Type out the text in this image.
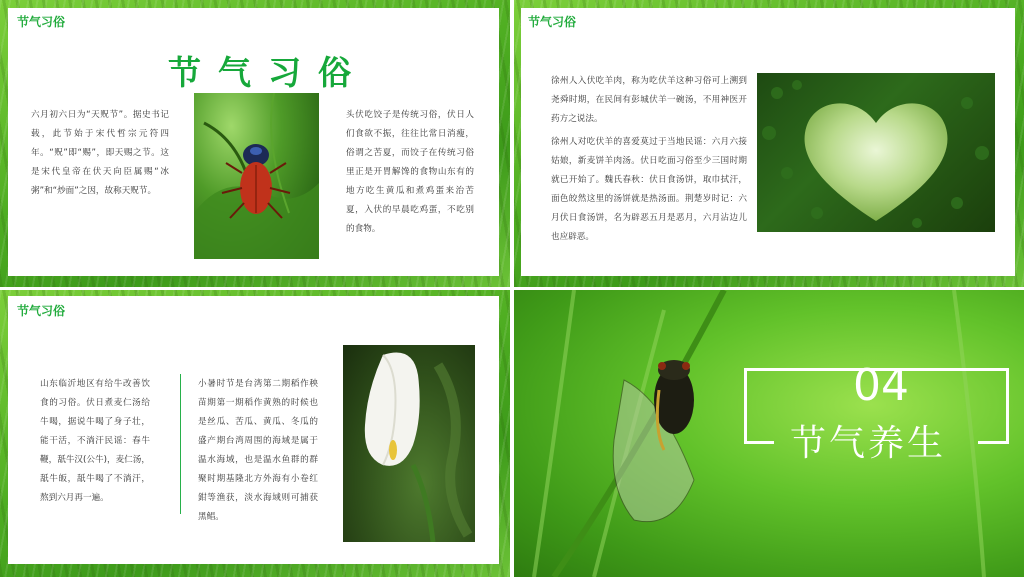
节气习俗
节气习俗
六月初六日为“天贶节”。据史书记载，此节始于宋代哲宗元符四年。“贶”即“赐”，即天赐之节。这是宋代皇帝在伏天向臣属赐“冰粥”和“炒面”之因，故称天贶节。
头伏吃饺子是传统习俗，伏日人们食欲不振，往往比常日消瘦，俗谓之苦夏，而饺子在传统习俗里正是开胃解馋的食物山东有的地方吃生黄瓜和煮鸡蛋来治苦夏，入伏的早晨吃鸡蛋，不吃别的食物。
节气习俗
徐州人入伏吃羊肉，称为吃伏羊这种习俗可上溯到尧舜时期，在民间有彭城伏羊一碗汤，不用神医开药方之说法。
徐州人对吃伏羊的喜爱莫过于当地民谣：六月六接姑娘，新麦饼羊肉汤。伏日吃面习俗至少三国时期就已开始了。魏氏春秋：伏日食汤饼，取巾拭汗，面色皎然这里的汤饼就是热汤面。荆楚岁时记：六月伏日食汤饼，名为辟恶五月是恶月，六月沾边儿也应辟恶。
节气习俗
山东临沂地区有给牛改善饮食的习俗。伏日煮麦仁汤给牛喝，据说牛喝了身子壮，能干活，不淌汗民谣：春牛鞭，舐牛汉(公牛)，麦仁汤，舐牛皈，舐牛喝了不淌汗，熬到六月再一遍。
小暑时节是台湾第二期稻作秧苗期第一期稻作黄熟的时候也是丝瓜、苦瓜、黄瓜、冬瓜的盛产期台湾周围的海域是属于温水海域，也是温水鱼群的群聚时期基隆北方外海有小卷红鉗等渔获，淡水海域则可捕获黑鲳。
04
节气养生
